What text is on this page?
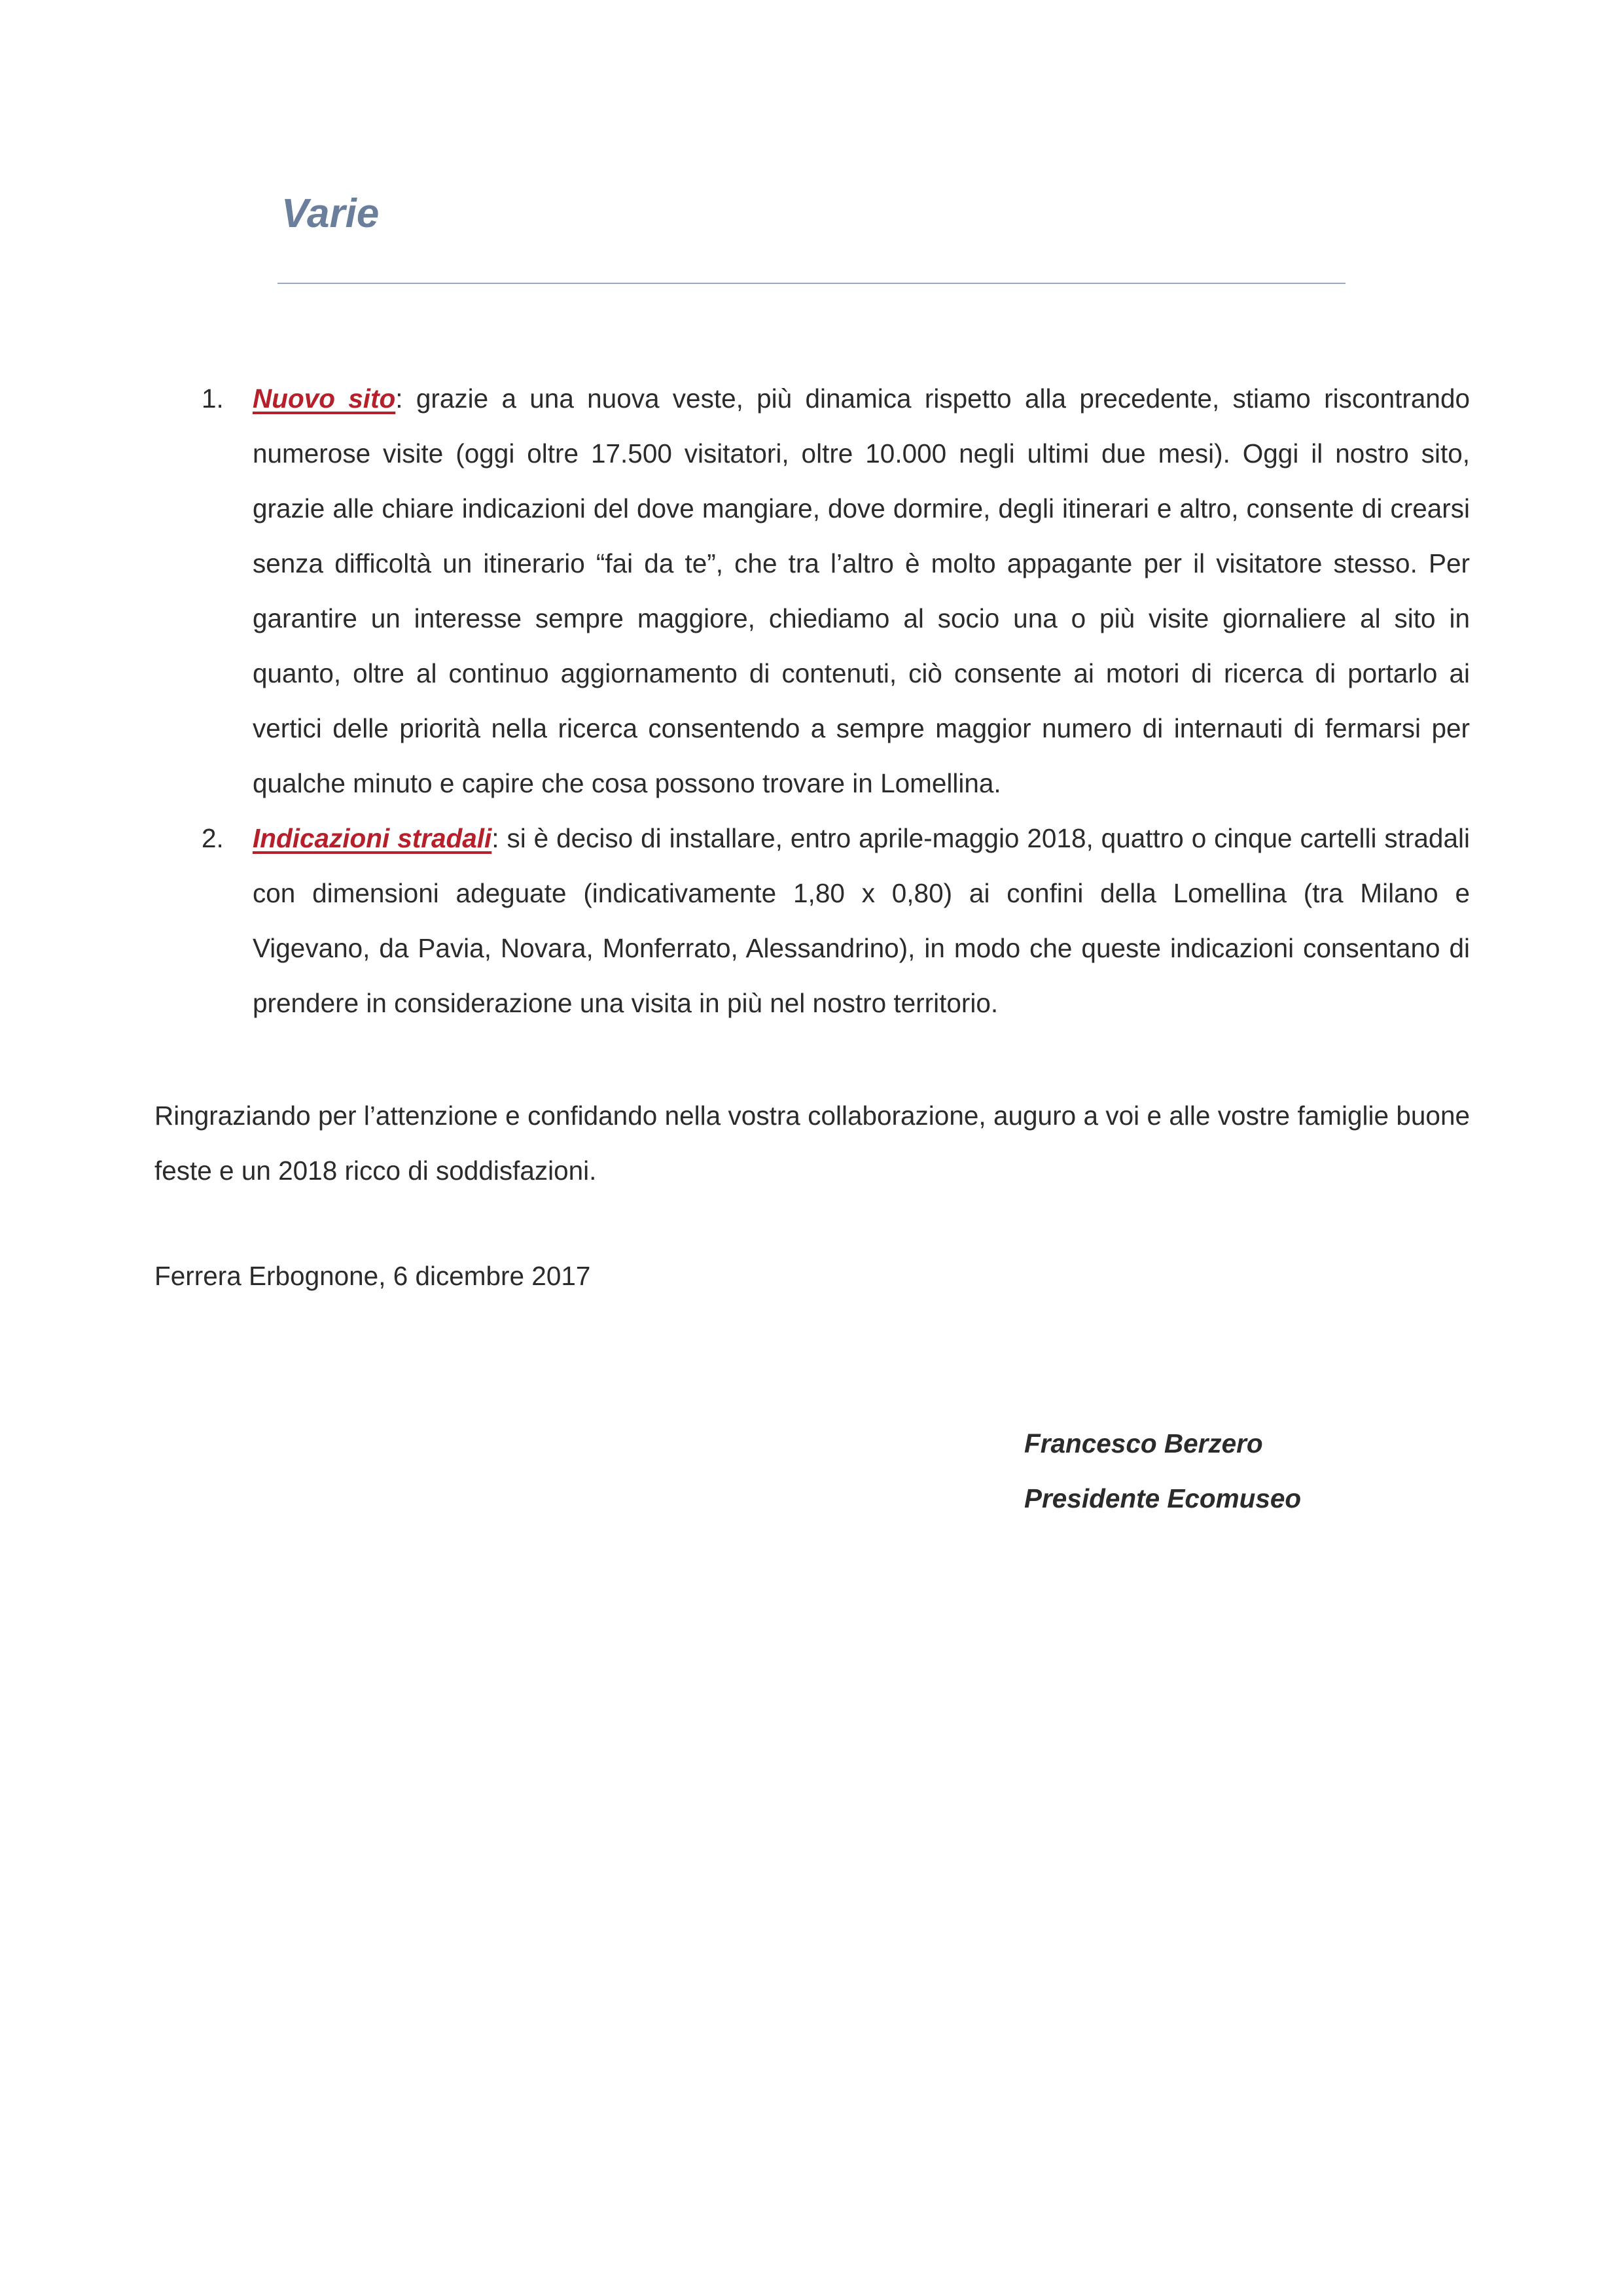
Varie
1. Nuovo sito: grazie a una nuova veste, più dinamica rispetto alla precedente, stiamo riscontrando numerose visite (oggi oltre 17.500 visitatori, oltre 10.000 negli ultimi due mesi). Oggi il nostro sito, grazie alle chiare indicazioni del dove mangiare, dove dormire, degli itinerari e altro, consente di crearsi senza difficoltà un itinerario “fai da te”, che tra l’altro è molto appagante per il visitatore stesso. Per garantire un interesse sempre maggiore, chiediamo al socio una o più visite giornaliere al sito in quanto, oltre al continuo aggiornamento di contenuti, ciò consente ai motori di ricerca di portarlo ai vertici delle priorità nella ricerca consentendo a sempre maggior numero di internauti di fermarsi per qualche minuto e capire che cosa possono trovare in Lomellina.
2. Indicazioni stradali: si è deciso di installare, entro aprile-maggio 2018, quattro o cinque cartelli stradali con dimensioni adeguate (indicativamente 1,80 x 0,80) ai confini della Lomellina (tra Milano e Vigevano, da Pavia, Novara, Monferrato, Alessandrino), in modo che queste indicazioni consentano di prendere in considerazione una visita in più nel nostro territorio.

Ringraziando per l’attenzione e confidando nella vostra collaborazione, auguro a voi e alle vostre famiglie buone feste e un 2018 ricco di soddisfazioni.

Ferrera Erbognone, 6 dicembre 2017

Francesco Berzero
Presidente Ecomuseo
